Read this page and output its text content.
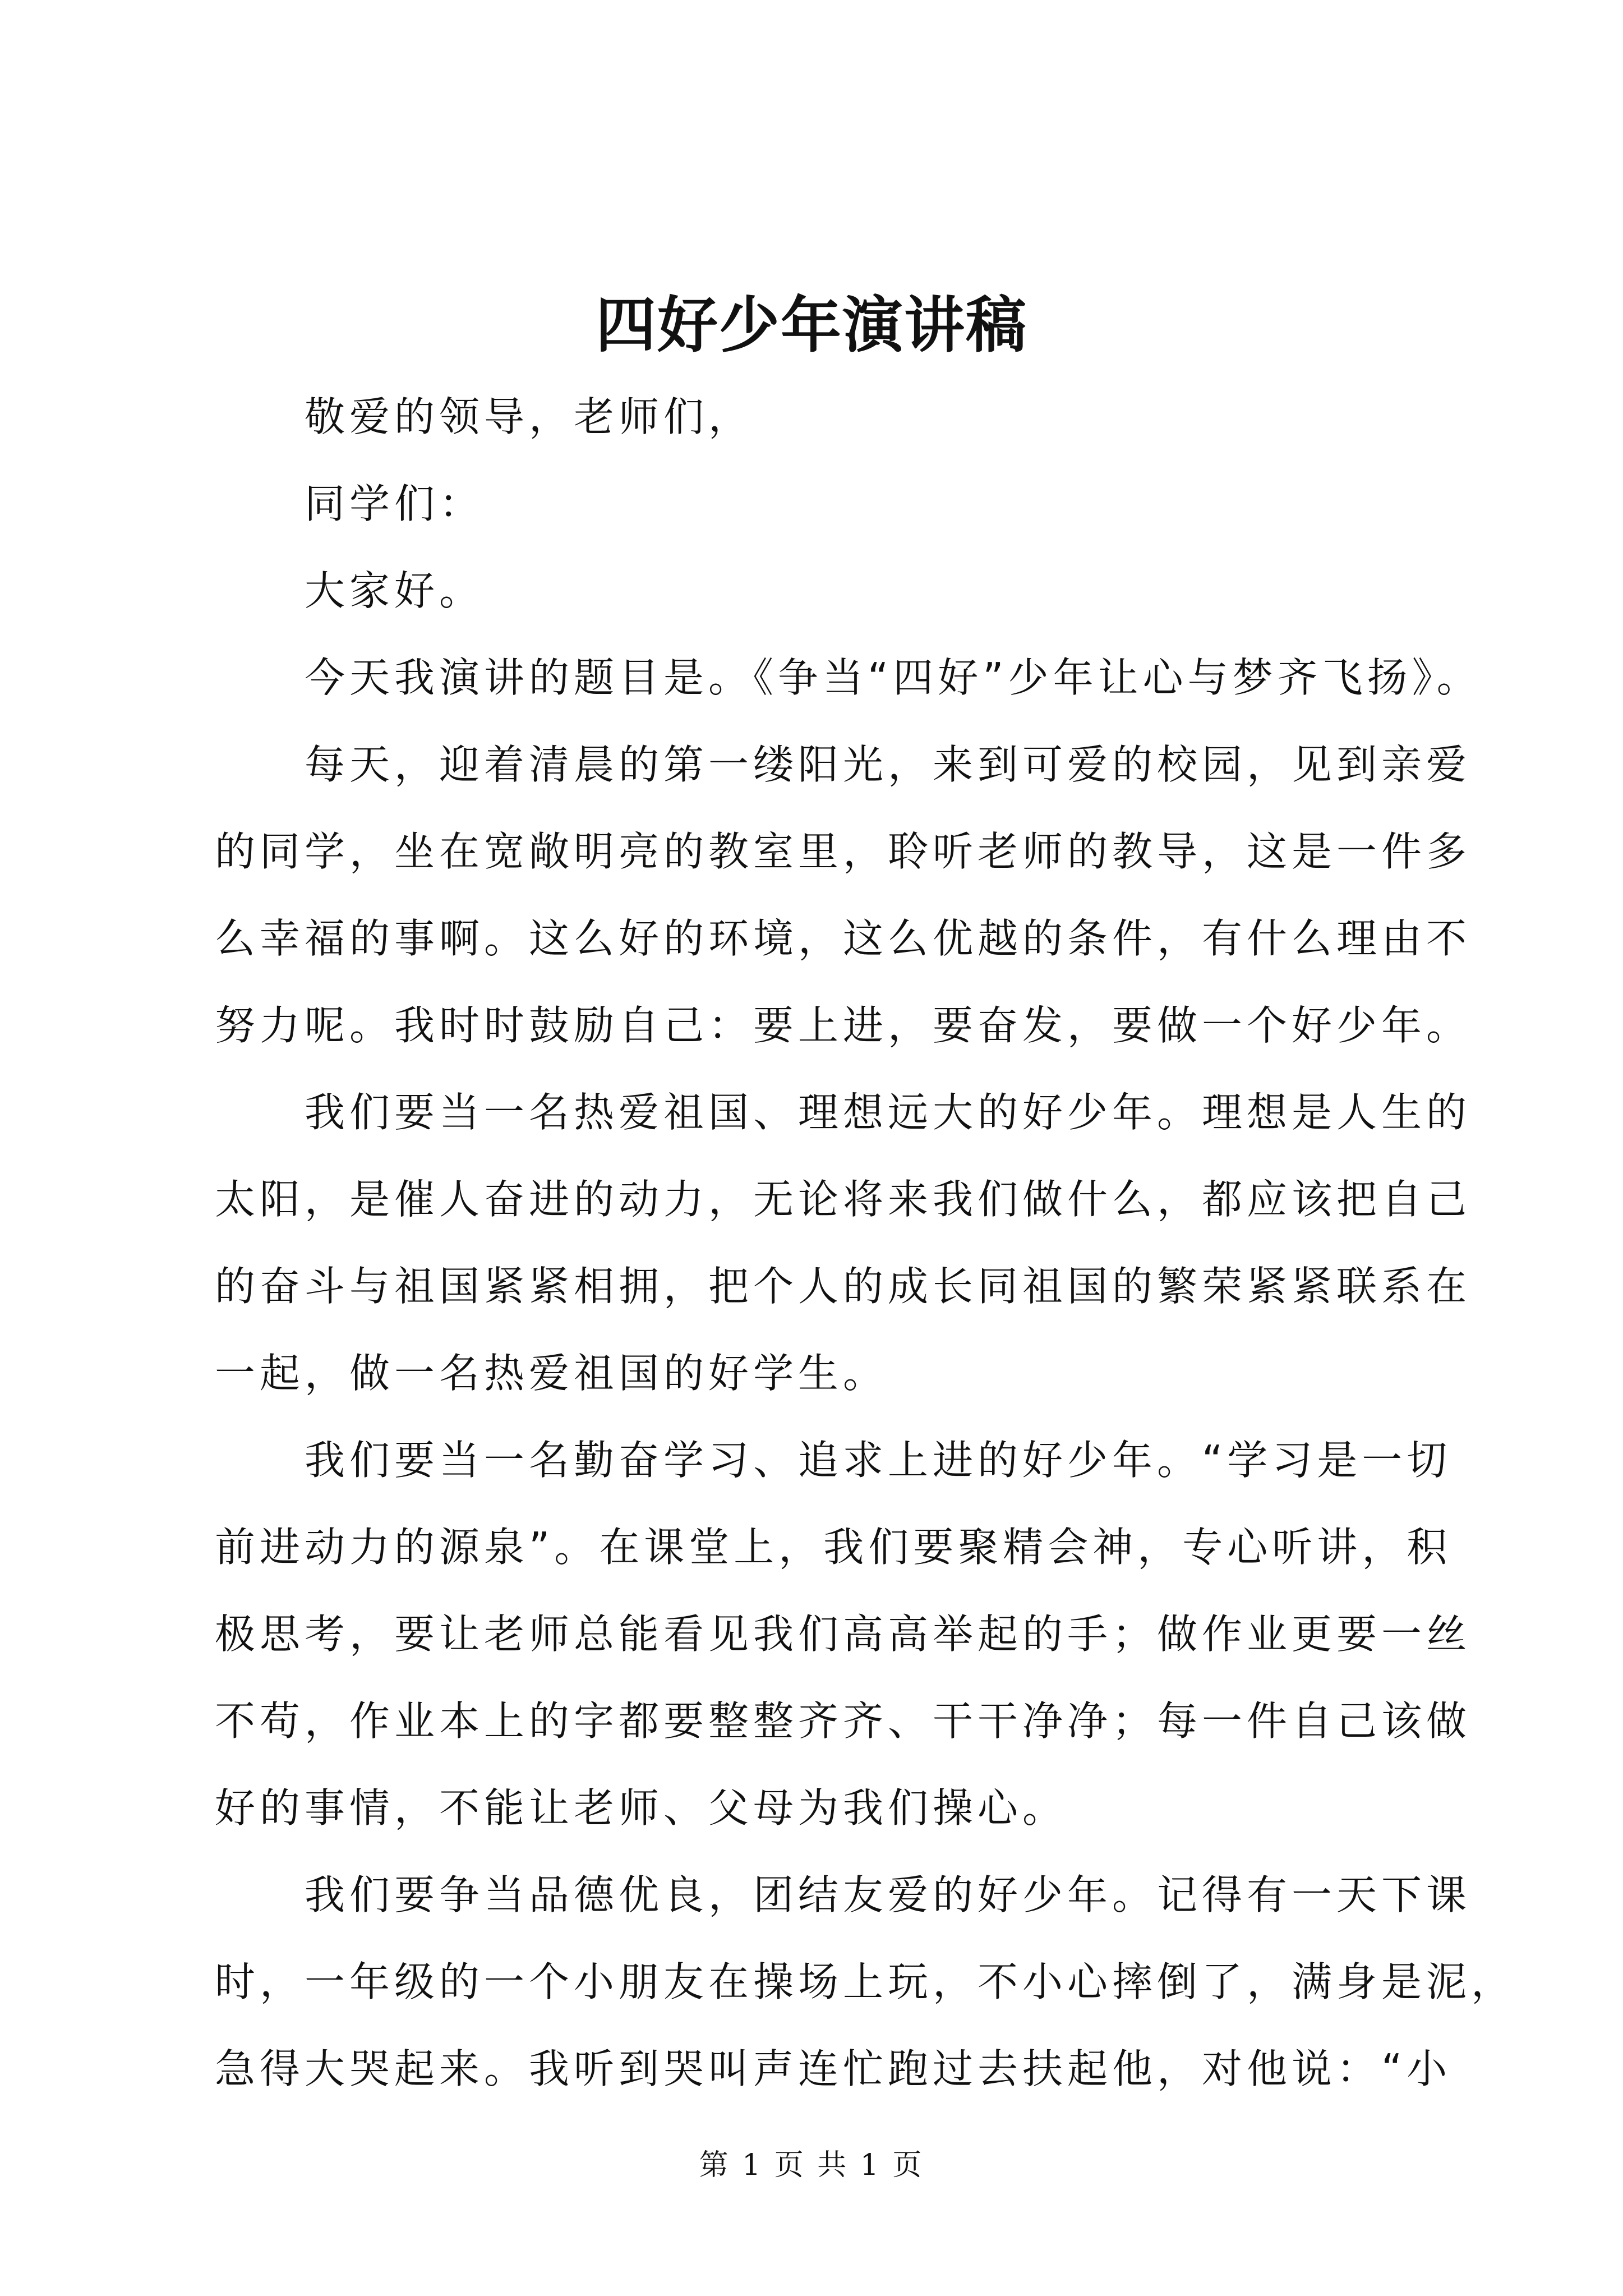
四好少年演讲稿
敬爱的领导，老师们，
同学们：
大家好。
今天我演讲的题目是。《争当“四好”少年让心与梦齐飞扬》。
每天，迎着清晨的第一缕阳光，来到可爱的校园，见到亲爱
的同学，坐在宽敞明亮的教室里，聆听老师的教导，这是一件多
么幸福的事啊。这么好的环境，这么优越的条件，有什么理由不
努力呢。我时时鼓励自己：要上进，要奋发，要做一个好少年。
我们要当一名热爱祖国、理想远大的好少年。理想是人生的
太阳，是催人奋进的动力，无论将来我们做什么，都应该把自己
的奋斗与祖国紧紧相拥，把个人的成长同祖国的繁荣紧紧联系在
一起，做一名热爱祖国的好学生。
我们要当一名勤奋学习、追求上进的好少年。“学习是一切
前进动力的源泉”。在课堂上，我们要聚精会神，专心听讲，积
极思考，要让老师总能看见我们高高举起的手；做作业更要一丝
不苟，作业本上的字都要整整齐齐、干干净净；每一件自己该做
好的事情，不能让老师、父母为我们操心。
我们要争当品德优良，团结友爱的好少年。记得有一天下课
时，一年级的一个小朋友在操场上玩，不小心摔倒了，满身是泥，
急得大哭起来。我听到哭叫声连忙跑过去扶起他，对他说：“小
第 1 页 共 1 页
